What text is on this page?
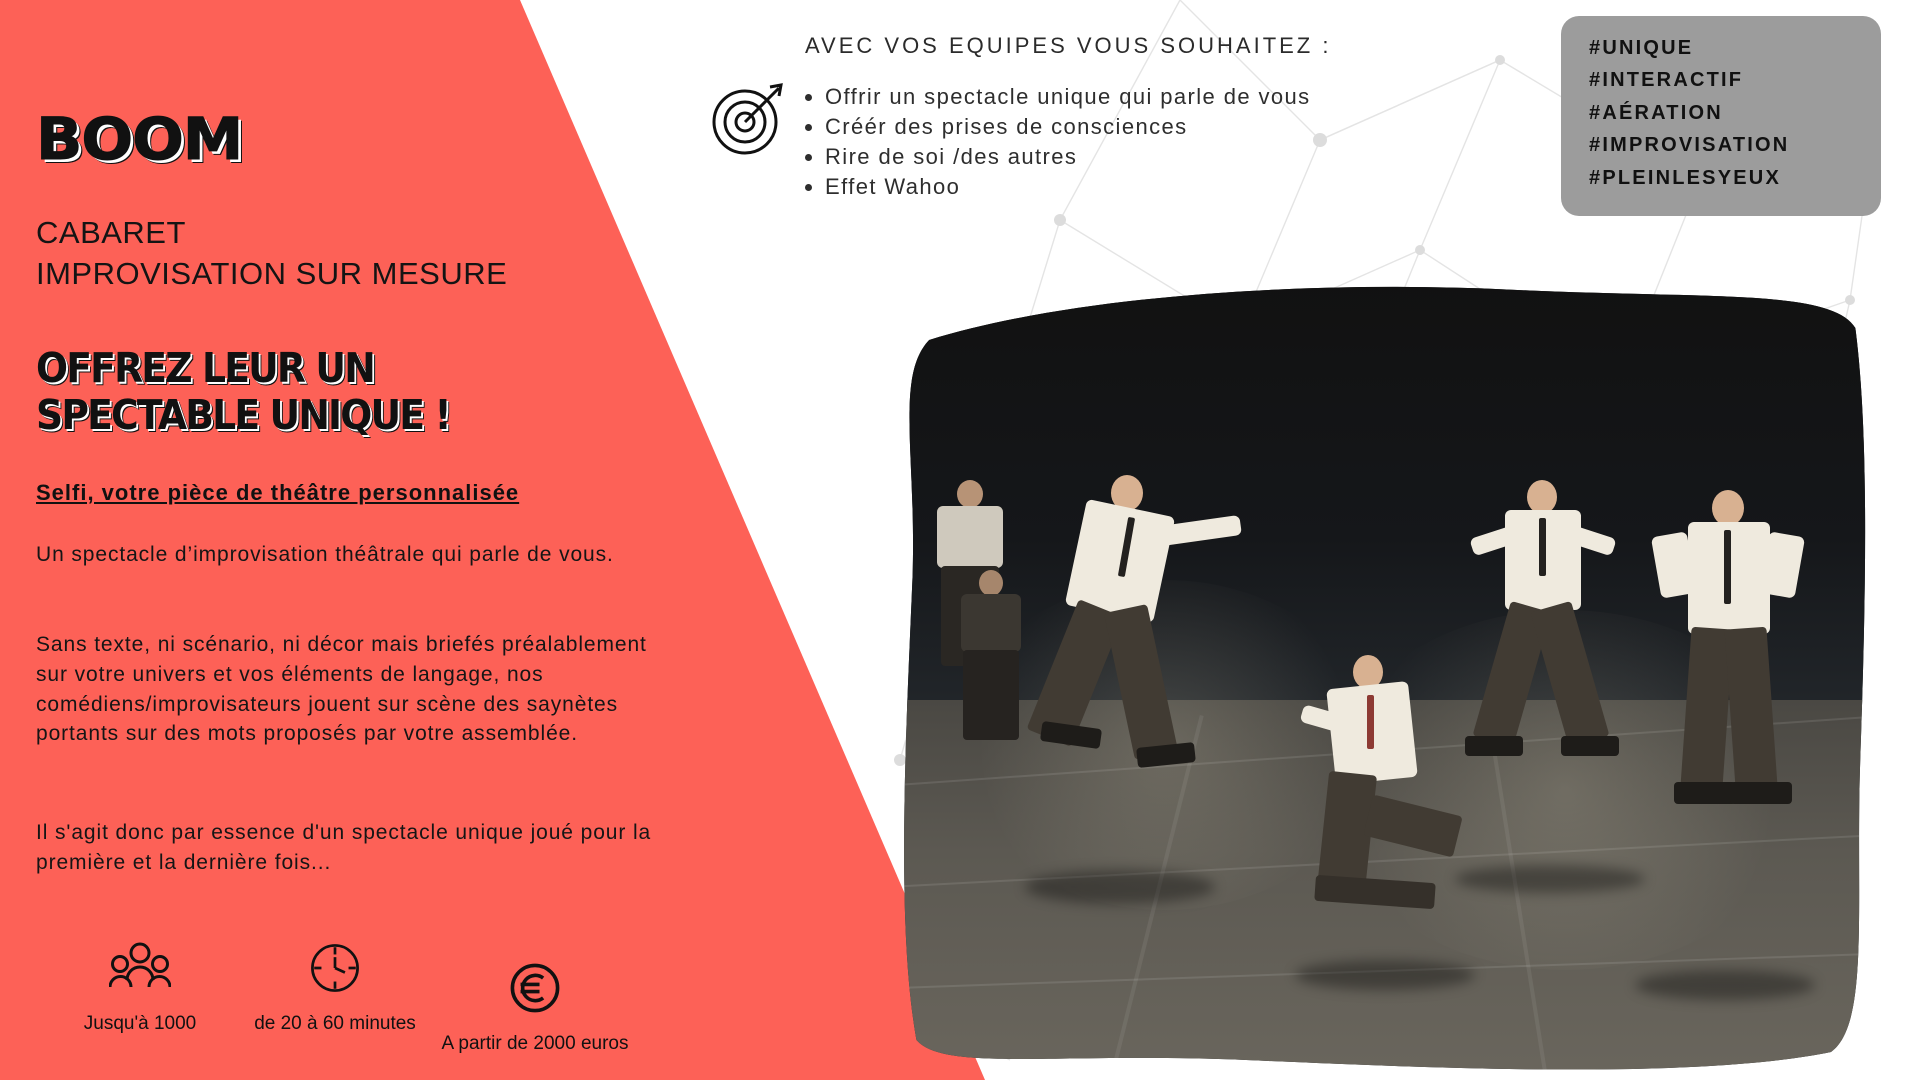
BOOM
CABARET
IMPROVISATION SUR MESURE
OFFREZ LEUR UN SPECTABLE UNIQUE !
Selfi, votre pièce de théâtre personnalisée
Un spectacle d’improvisation théâtrale qui parle de vous.
Sans texte, ni scénario, ni décor mais briefés préalablement sur votre univers et vos éléments de langage, nos comédiens/improvisateurs jouent sur scène des saynètes portants sur des mots proposés par votre assemblée.
Il s'agit donc par essence d'un spectacle unique joué pour la première et la dernière fois...
Jusqu'à 1000	de 20 à 60 minutes
A partir de 2000 euros
AVEC VOS EQUIPES VOUS SOUHAITEZ :
• Offrir un spectacle unique qui parle de vous
• Créér des prises de consciences
• Rire de soi /des autres
• Effet Wahoo
#UNIQUE
#INTERACTIF
#AÉRATION
#IMPROVISATION
#PLEINLESYEUX
